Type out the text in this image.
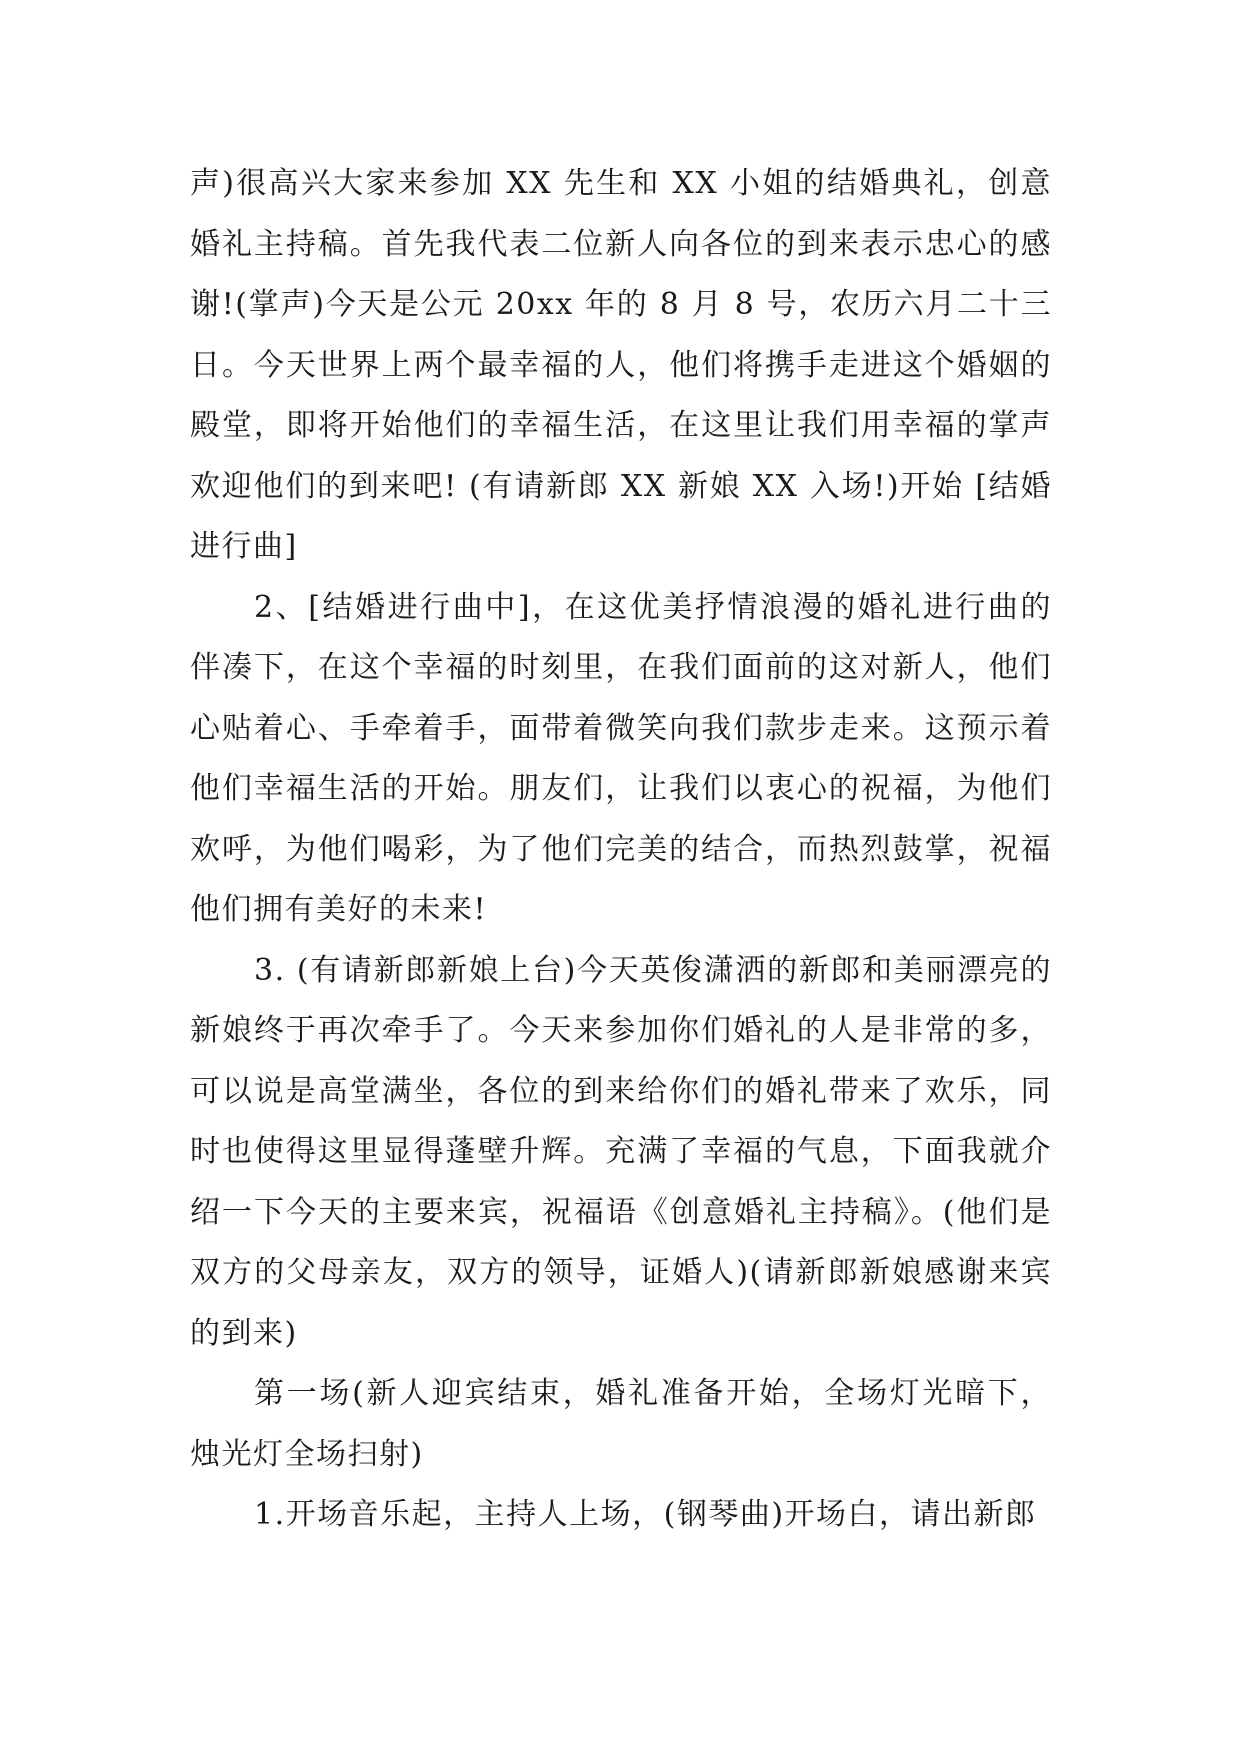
声)很高兴大家来参加 XX 先生和 XX 小姐的结婚典礼，创意婚礼主持稿。首先我代表二位新人向各位的到来表示忠心的感谢!(掌声)今天是公元 20xx 年的 8 月 8 号，农历六月二十三日。今天世界上两个最幸福的人，他们将携手走进这个婚姻的殿堂，即将开始他们的幸福生活，在这里让我们用幸福的掌声欢迎他们的到来吧! (有请新郎 XX 新娘 XX 入场!)开始 [结婚进行曲]

2、[结婚进行曲中]，在这优美抒情浪漫的婚礼进行曲的伴凑下，在这个幸福的时刻里，在我们面前的这对新人，他们心贴着心、手牵着手，面带着微笑向我们款步走来。这预示着他们幸福生活的开始。朋友们，让我们以衷心的祝福，为他们欢呼，为他们喝彩，为了他们完美的结合，而热烈鼓掌，祝福他们拥有美好的未来!

3. (有请新郎新娘上台)今天英俊潇洒的新郎和美丽漂亮的新娘终于再次牵手了。今天来参加你们婚礼的人是非常的多，可以说是高堂满坐，各位的到来给你们的婚礼带来了欢乐，同时也使得这里显得蓬壁升辉。充满了幸福的气息，下面我就介绍一下今天的主要来宾，祝福语《创意婚礼主持稿》。(他们是双方的父母亲友，双方的领导，证婚人)(请新郎新娘感谢来宾的到来)

第一场(新人迎宾结束，婚礼准备开始，全场灯光暗下，烛光灯全场扫射)

1.开场音乐起，主持人上场，(钢琴曲)开场白，请出新郎
